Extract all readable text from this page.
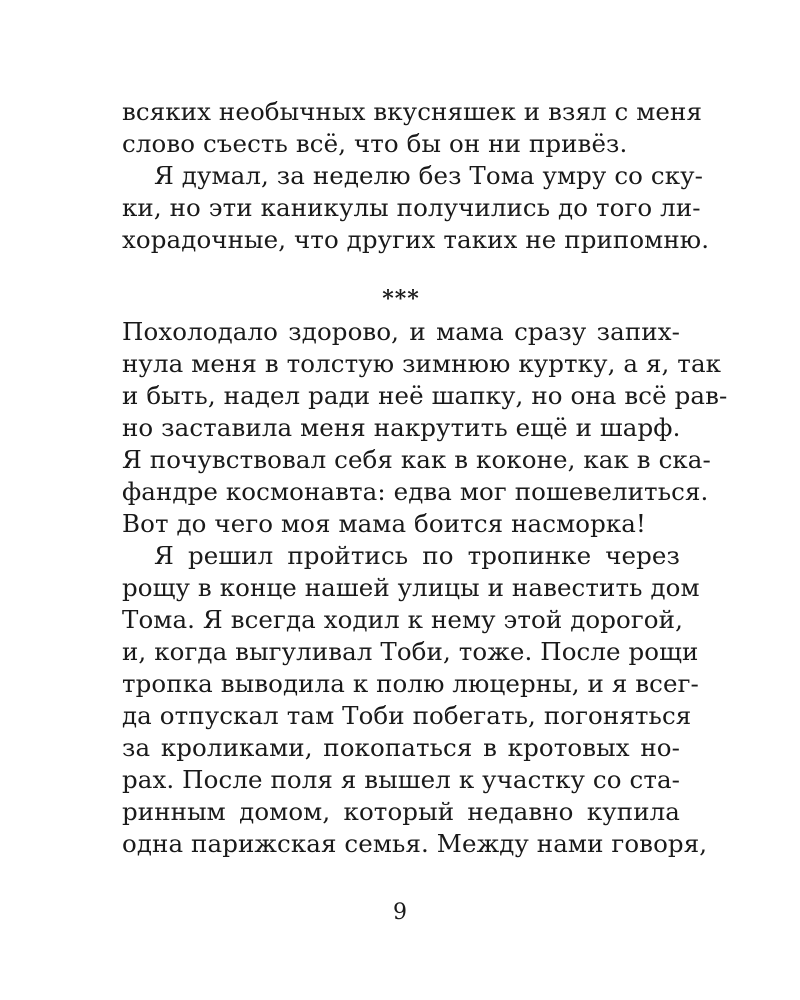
всяких необычных вкусняшек и взял с меня
слово съесть всё, что бы он ни привёз.
Я думал, за неделю без Тома умру со ску-
ки, но эти каникулы получились до того ли-
хорадочные, что других таких не припомню.
***
Похолодало здорово, и мама сразу запих-
нула меня в толстую зимнюю куртку, а я, так
и быть, надел ради неё шапку, но она всё рав-
но заставила меня накрутить ещё и шарф.
Я почувствовал себя как в коконе, как в ска-
фандре космонавта: едва мог пошевелиться.
Вот до чего моя мама боится насморка!
Я решил пройтись по тропинке через
рощу в конце нашей улицы и навестить дом
Тома. Я всегда ходил к нему этой дорогой,
и, когда выгуливал Тоби, тоже. После рощи
тропка выводила к полю люцерны, и я всег-
да отпускал там Тоби побегать, погоняться
за кроликами, покопаться в кротовых но-
рах. После поля я вышел к участку со ста-
ринным домом, который недавно купила
одна парижская семья. Между нами говоря,
9
